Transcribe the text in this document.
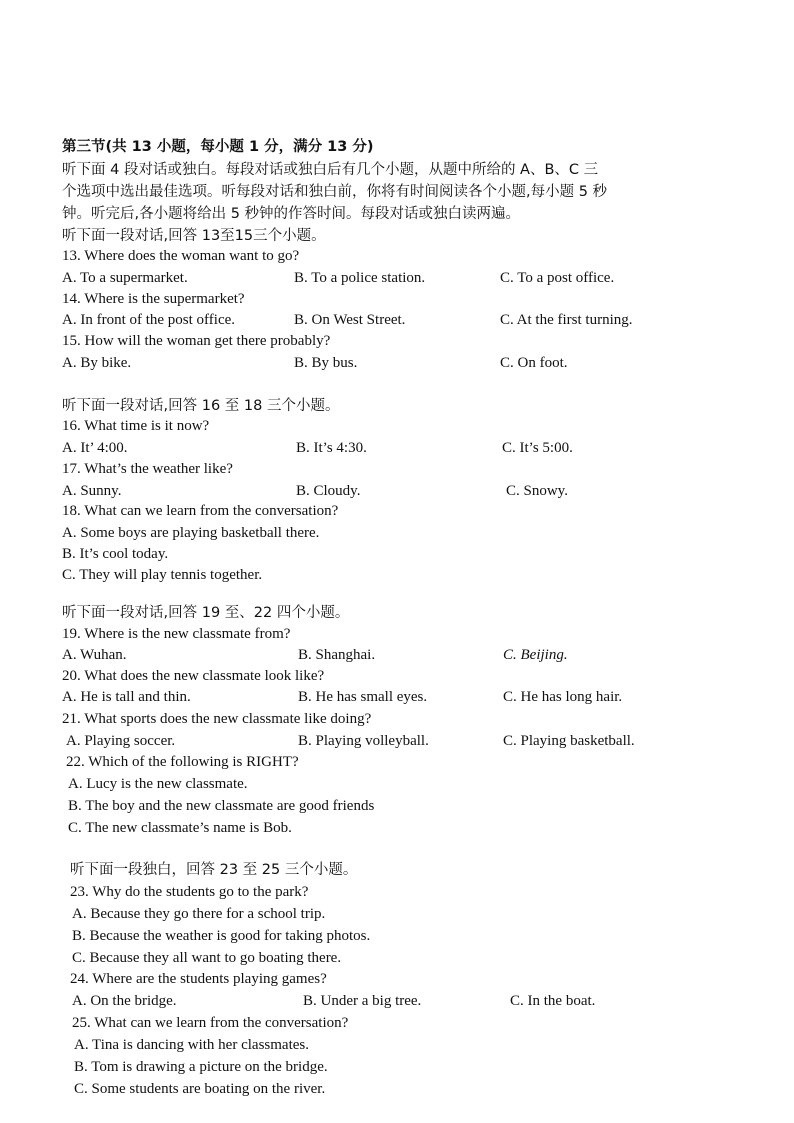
第三节(共 13 小题，每小题 1 分，满分 13 分)
听下面 4 段对话或独白。每段对话或独白后有几个小题，从题中所给的 A、B、C 三
个选项中选出最佳选项。听每段对话和独白前，你将有时间阅读各个小题,每小题 5 秒
钟。听完后,各小题将给出 5 秒钟的作答时间。每段对话或独白读两遍。
听下面一段对话,回答 13至15三个小题。
13. Where does the woman want to go?
A. To a supermarket.	B. To a police station.	C. To a post office.
14. Where is the supermarket?
A. In front of the post office.	B. On West Street.	C. At the first turning.
15. How will the woman get there probably?
A. By bike.	B. By bus.	C. On foot.
听下面一段对话,回答 16 至 18 三个小题。
16. What time is it now?
A. It’ 4:00.	B. It’s 4:30.	C. It’s 5:00.
17. What’s the weather like?
A. Sunny.	B. Cloudy.	C. Snowy.
18. What can we learn from the conversation?
A. Some boys are playing basketball there.
B. It’s cool today.
C. They will play tennis together.
听下面一段对话,回答 19 至、22 四个小题。
19. Where is the new classmate from?
A. Wuhan.	B. Shanghai.	C. Beijing.
20. What does the new classmate look like?
A. He is tall and thin.	B. He has small eyes.	C. He has long hair.
21. What sports does the new classmate like doing?
A. Playing soccer.	B. Playing volleyball.	C. Playing basketball.
22. Which of the following is RIGHT?
A. Lucy is the new classmate.
B. The boy and the new classmate are good friends
C. The new classmate’s name is Bob.
听下面一段独白，回答 23 至 25 三个小题。
23. Why do the students go to the park?
A. Because they go there for a school trip.
B. Because the weather is good for taking photos.
C. Because they all want to go boating there.
24. Where are the students playing games?
A. On the bridge.	B. Under a big tree.	C. In the boat.
25. What can we learn from the conversation?
A. Tina is dancing with her classmates.
B. Tom is drawing a picture on the bridge.
C. Some students are boating on the river.
